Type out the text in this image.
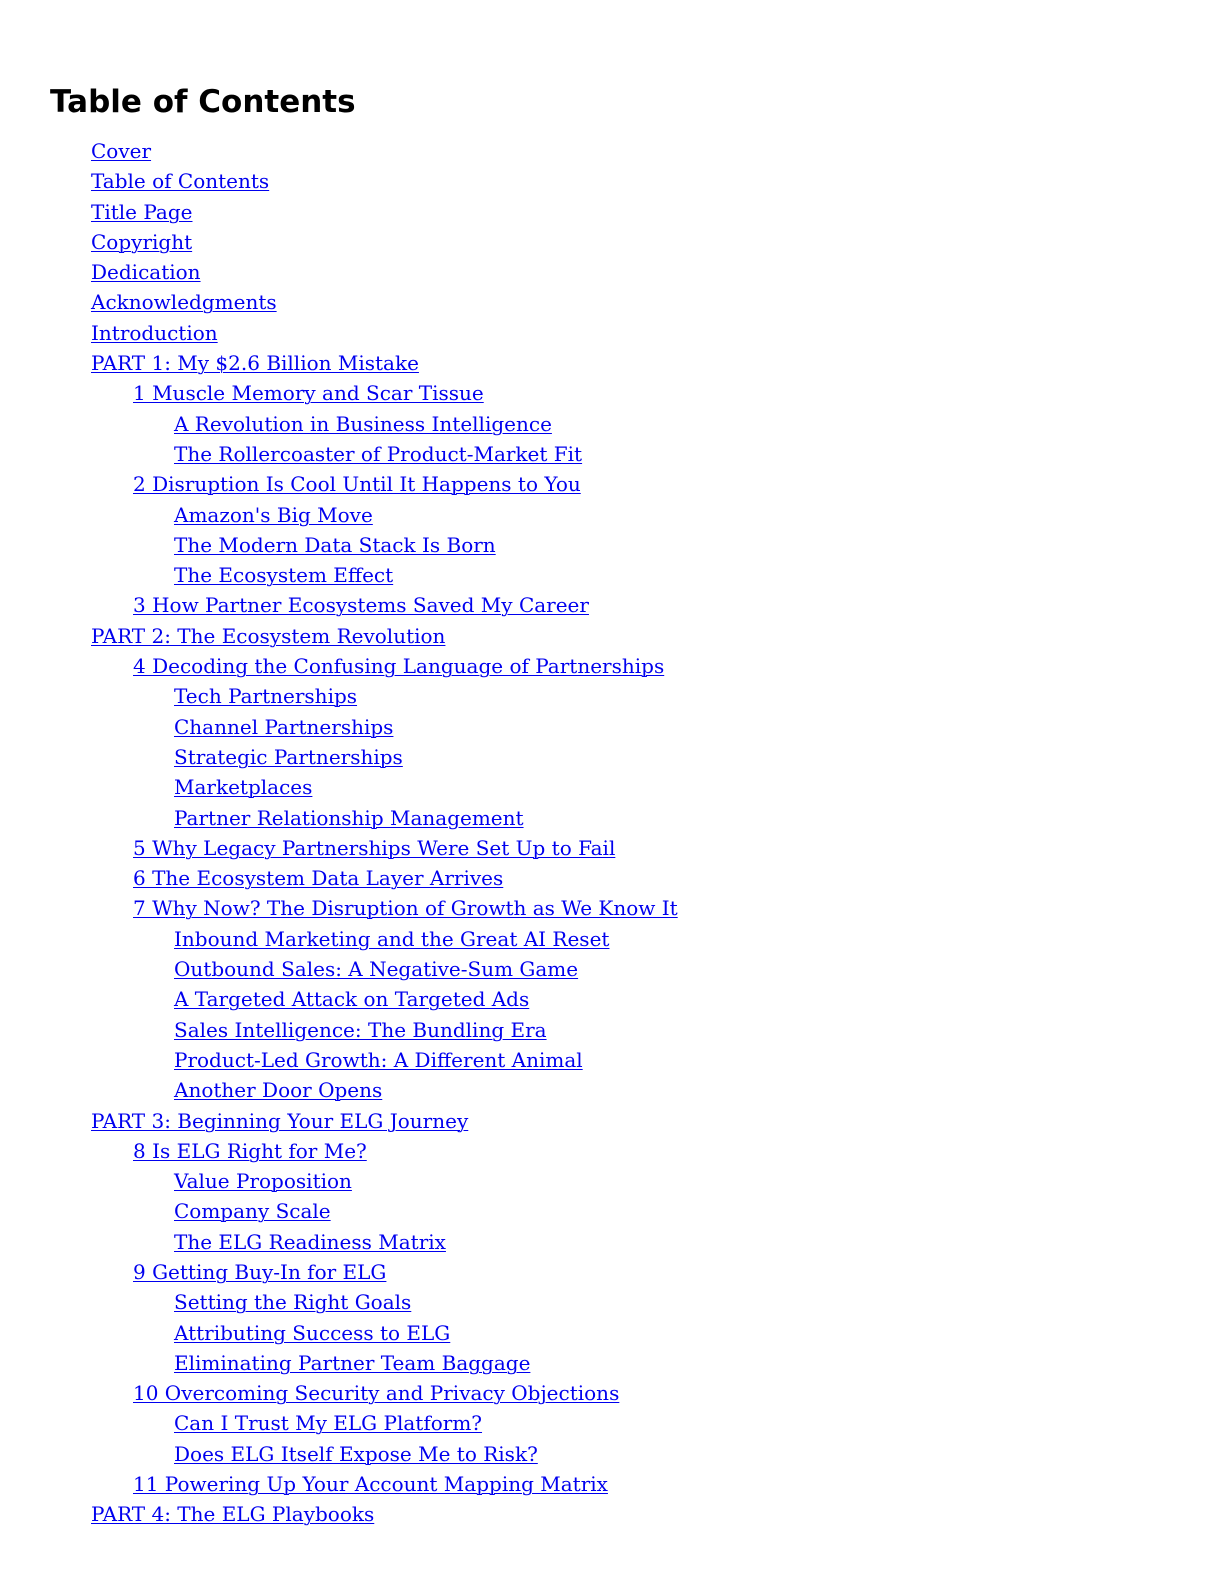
Table of Contents
Cover
Table of Contents
Title Page
Copyright
Dedication
Acknowledgments
Introduction
PART 1: My $2.6 Billion Mistake
1 Muscle Memory and Scar Tissue
A Revolution in Business Intelligence
The Rollercoaster of Product-Market Fit
2 Disruption Is Cool Until It Happens to You
Amazon's Big Move
The Modern Data Stack Is Born
The Ecosystem Effect
3 How Partner Ecosystems Saved My Career
PART 2: The Ecosystem Revolution
4 Decoding the Confusing Language of Partnerships
Tech Partnerships
Channel Partnerships
Strategic Partnerships
Marketplaces
Partner Relationship Management
5 Why Legacy Partnerships Were Set Up to Fail
6 The Ecosystem Data Layer Arrives
7 Why Now? The Disruption of Growth as We Know It
Inbound Marketing and the Great AI Reset
Outbound Sales: A Negative-Sum Game
A Targeted Attack on Targeted Ads
Sales Intelligence: The Bundling Era
Product-Led Growth: A Different Animal
Another Door Opens
PART 3: Beginning Your ELG Journey
8 Is ELG Right for Me?
Value Proposition
Company Scale
The ELG Readiness Matrix
9 Getting Buy-In for ELG
Setting the Right Goals
Attributing Success to ELG
Eliminating Partner Team Baggage
10 Overcoming Security and Privacy Objections
Can I Trust My ELG Platform?
Does ELG Itself Expose Me to Risk?
11 Powering Up Your Account Mapping Matrix
PART 4: The ELG Playbooks
